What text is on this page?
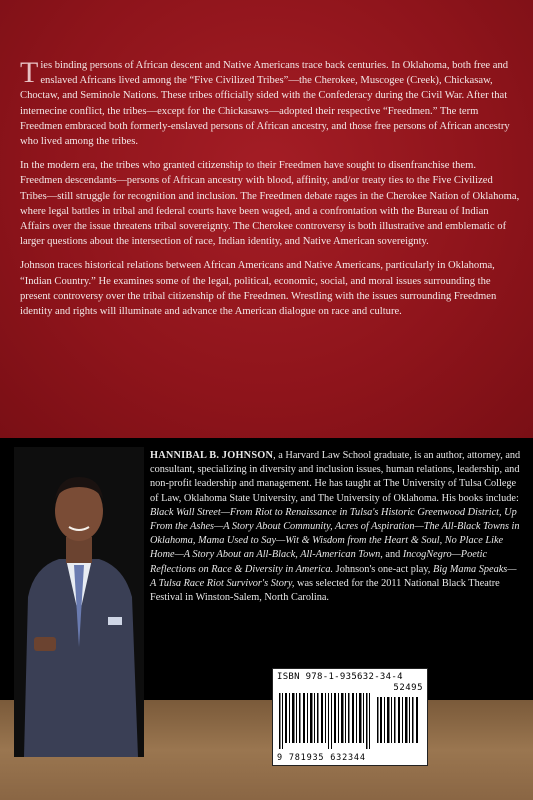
Ties binding persons of African descent and Native Americans trace back centuries. In Oklahoma, both free and enslaved Africans lived among the “Five Civilized Tribes”—the Cherokee, Muscogee (Creek), Chickasaw, Choctaw, and Seminole Nations. These tribes officially sided with the Confederacy during the Civil War. After that internecine conflict, the tribes—except for the Chickasaws—adopted their respective “Freedmen.” The term Freedmen embraced both formerly-enslaved persons of African ancestry, and those free persons of African ancestry who lived among the tribes.

In the modern era, the tribes who granted citizenship to their Freedmen have sought to disenfranchise them. Freedmen descendants—persons of African ancestry with blood, affinity, and/or treaty ties to the Five Civilized Tribes—still struggle for recognition and inclusion. The Freedmen debate rages in the Cherokee Nation of Oklahoma, where legal battles in tribal and federal courts have been waged, and a confrontation with the Bureau of Indian Affairs over the issue threatens tribal sovereignty. The Cherokee controversy is both illustrative and emblematic of larger questions about the intersection of race, Indian identity, and Native American sovereignty.

Johnson traces historical relations between African Americans and Native Americans, particularly in Oklahoma, “Indian Country.” He examines some of the legal, political, economic, social, and moral issues surrounding the present controversy over the tribal citizenship of the Freedmen. Wrestling with the issues surrounding Freedmen identity and rights will illuminate and advance the American dialogue on race and culture.

HANNIBAL B. JOHNSON, a Harvard Law School graduate, is an author, attorney, and consultant, specializing in diversity and inclusion issues, human relations, leadership, and non-profit leadership and management. He has taught at The University of Tulsa College of Law, Oklahoma State University, and The University of Oklahoma. His books include: Black Wall Street—From Riot to Renaissance in Tulsa's Historic Greenwood District, Up From the Ashes—A Story About Community, Acres of Aspiration—The All-Black Towns in Oklahoma, Mama Used to Say—Wit & Wisdom from the Heart & Soul, No Place Like Home—A Story About an All-Black, All-American Town, and IncogNegro—Poetic Reflections on Race & Diversity in America. Johnson's one-act play, Big Mama Speaks—A Tulsa Race Riot Survivor's Story, was selected for the 2011 National Black Theatre Festival in Winston-Salem, North Carolina.
ISBN 978-1-935632-34-4
52495
9 781935 632344
